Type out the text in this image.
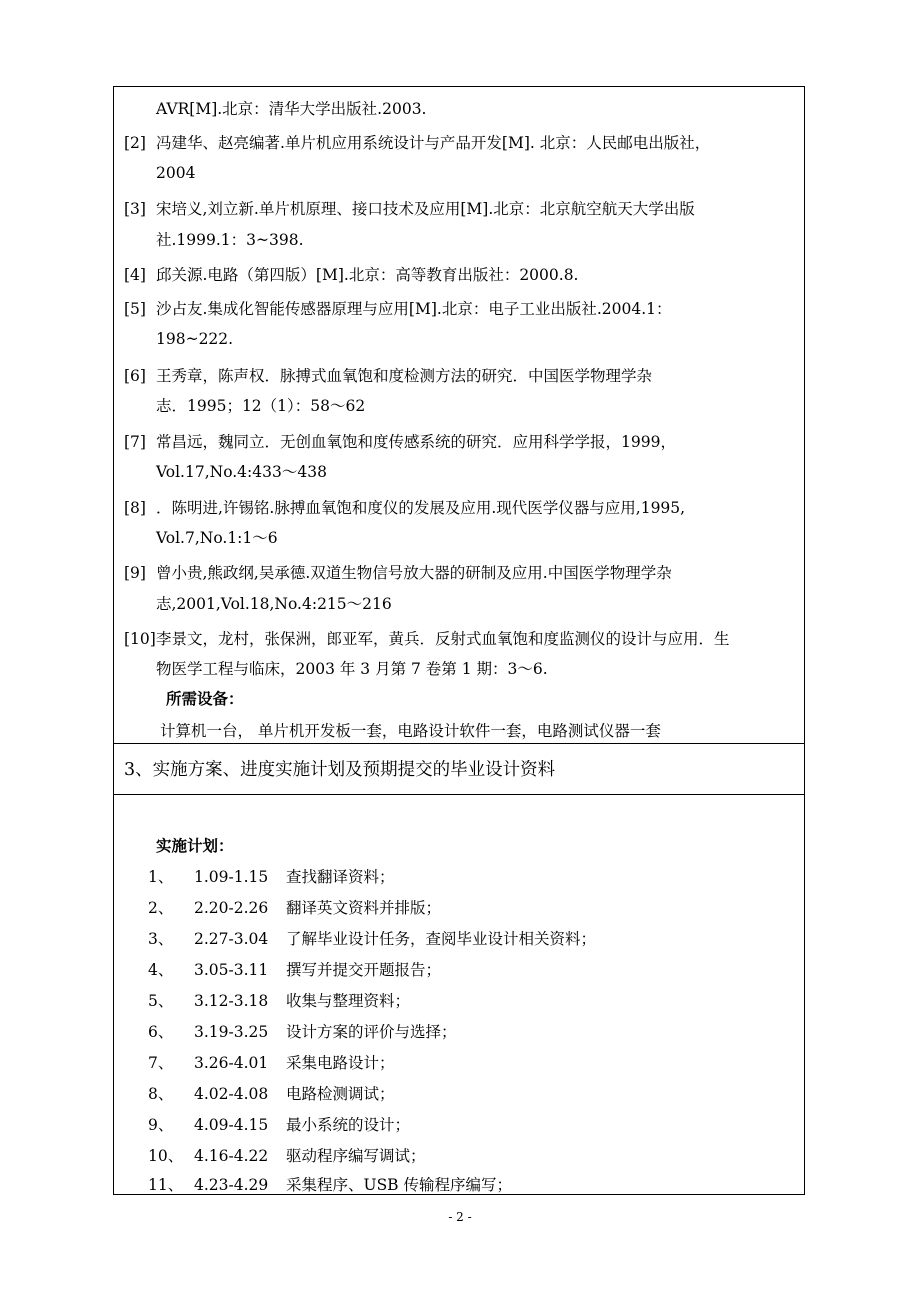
AVR[M].北京：清华大学出版社.2003.
[2] 冯建华、赵亮编著.单片机应用系统设计与产品开发[M]. 北京：人民邮电出版社，
2004
[3] 宋培义,刘立新.单片机原理、接口技术及应用[M].北京：北京航空航天大学出版
社.1999.1：3~398.
[4] 邱关源.电路（第四版）[M].北京：高等教育出版社：2000.8.
[5] 沙占友.集成化智能传感器原理与应用[M].北京：电子工业出版社.2004.1：
198~222.
[6] 王秀章，陈声权．脉搏式血氧饱和度检测方法的研究．中国医学物理学杂
志．1995；12（1）：58～62
[7] 常昌远，魏同立．无创血氧饱和度传感系统的研究．应用科学学报，1999，
Vol.17,No.4:433～438
[8] ．陈明进,许锡铭.脉搏血氧饱和度仪的发展及应用.现代医学仪器与应用,1995,
Vol.7,No.1:1～6
[9] 曾小贵,熊政纲,吴承德.双道生物信号放大器的研制及应用.中国医学物理学杂
志,2001,Vol.18,No.4:215～216
[10] 李景文，龙村，张保洲，郎亚军，黄兵．反射式血氧饱和度监测仪的设计与应用．生
物医学工程与临床，2003 年 3 月第 7 卷第 1 期：3～6.
所需设备：
计算机一台， 单片机开发板一套，电路设计软件一套，电路测试仪器一套
3、实施方案、进度实施计划及预期提交的毕业设计资料
实施计划：
1、 1.09-1.15 查找翻译资料；
2、 2.20-2.26 翻译英文资料并排版；
3、 2.27-3.04 了解毕业设计任务，查阅毕业设计相关资料；
4、 3.05-3.11 撰写并提交开题报告；
5、 3.12-3.18 收集与整理资料；
6、 3.19-3.25 设计方案的评价与选择；
7、 3.26-4.01 采集电路设计；
8、 4.02-4.08 电路检测调试；
9、 4.09-4.15 最小系统的设计；
10、 4.16-4.22 驱动程序编写调试；
11、 4.23-4.29 采集程序、USB 传输程序编写；
- 2 -
